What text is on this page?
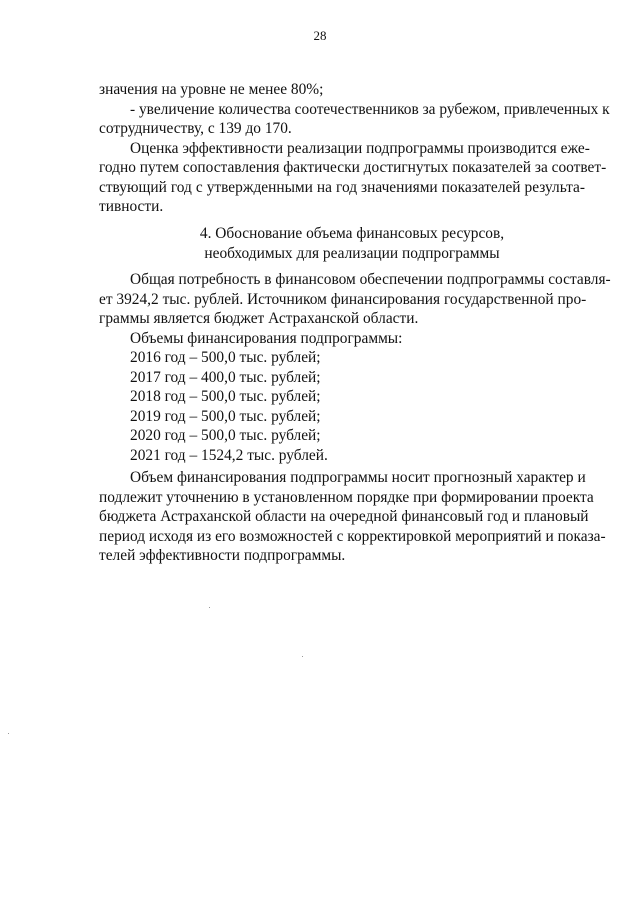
28
значения на уровне не менее 80%;
- увеличение количества соотечественников за рубежом, привлеченных к
сотрудничеству, с 139 до 170.
Оценка эффективности реализации подпрограммы производится еже-
годно путем сопоставления фактически достигнутых показателей за соответ-
ствующий год с утвержденными на год значениями показателей результа-
тивности.
4. Обоснование объема финансовых ресурсов,
необходимых для реализации подпрограммы
Общая потребность в финансовом обеспечении подпрограммы составля-
ет 3924,2 тыс. рублей. Источником финансирования государственной про-
граммы является бюджет Астраханской области.
Объемы финансирования подпрограммы:
2016 год – 500,0 тыс. рублей;
2017 год – 400,0 тыс. рублей;
2018 год – 500,0 тыс. рублей;
2019 год – 500,0 тыс. рублей;
2020 год – 500,0 тыс. рублей;
2021 год – 1524,2 тыс. рублей.
Объем финансирования подпрограммы носит прогнозный характер и
подлежит уточнению в установленном порядке при формировании проекта
бюджета Астраханской области на очередной финансовый год и плановый
период исходя из его возможностей с корректировкой мероприятий и показа-
телей эффективности подпрограммы.
